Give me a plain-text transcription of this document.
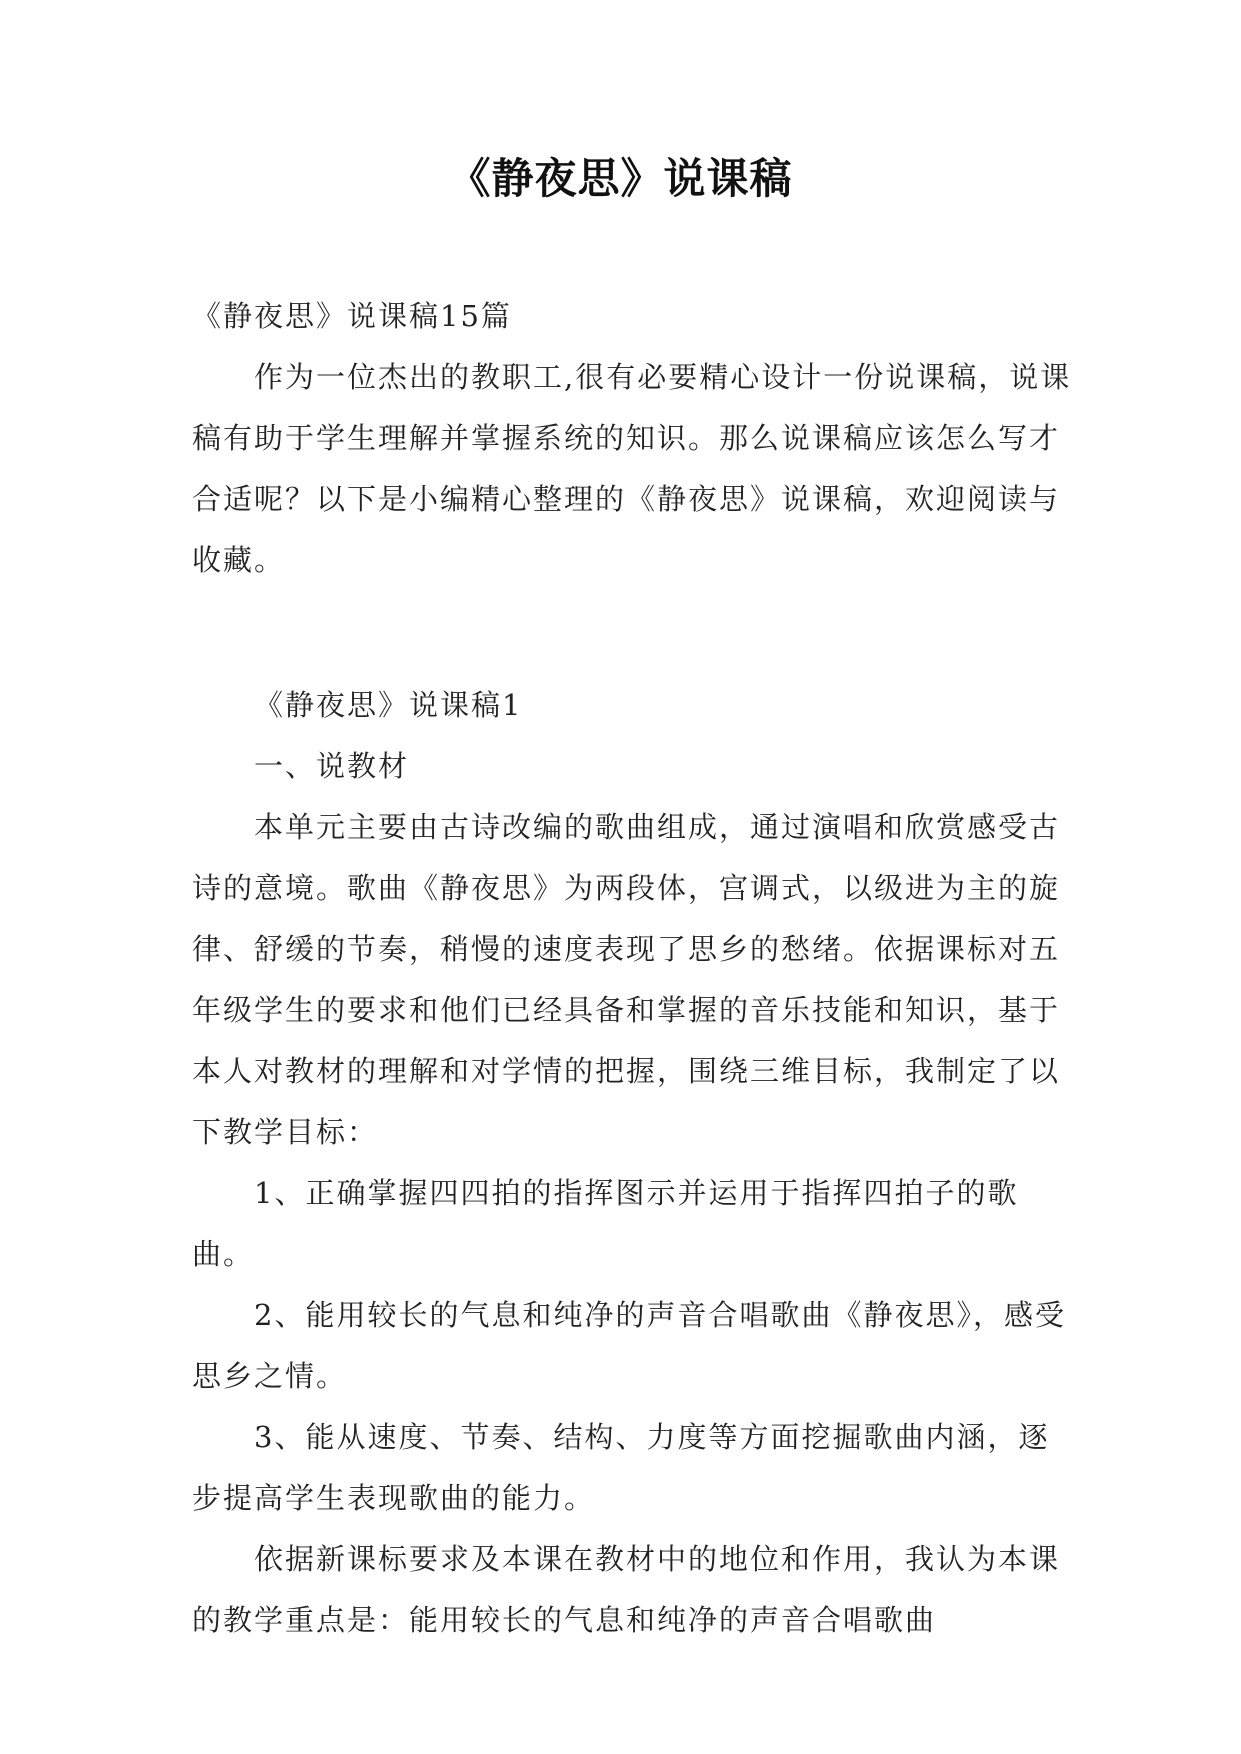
《静夜思》说课稿

《静夜思》说课稿15篇

作为一位杰出的教职工,很有必要精心设计一份说课稿，说课稿有助于学生理解并掌握系统的知识。那么说课稿应该怎么写才合适呢？以下是小编精心整理的《静夜思》说课稿，欢迎阅读与收藏。

《静夜思》说课稿1

一、说教材

本单元主要由古诗改编的歌曲组成，通过演唱和欣赏感受古诗的意境。歌曲《静夜思》为两段体，宫调式，以级进为主的旋律、舒缓的节奏，稍慢的速度表现了思乡的愁绪。依据课标对五年级学生的要求和他们已经具备和掌握的音乐技能和知识，基于本人对教材的理解和对学情的把握，围绕三维目标，我制定了以下教学目标：

1、正确掌握四四拍的指挥图示并运用于指挥四拍子的歌曲。

2、能用较长的气息和纯净的声音合唱歌曲《静夜思》，感受思乡之情。

3、能从速度、节奏、结构、力度等方面挖掘歌曲内涵，逐步提高学生表现歌曲的能力。

依据新课标要求及本课在教材中的地位和作用，我认为本课的教学重点是：能用较长的气息和纯净的声音合唱歌曲
